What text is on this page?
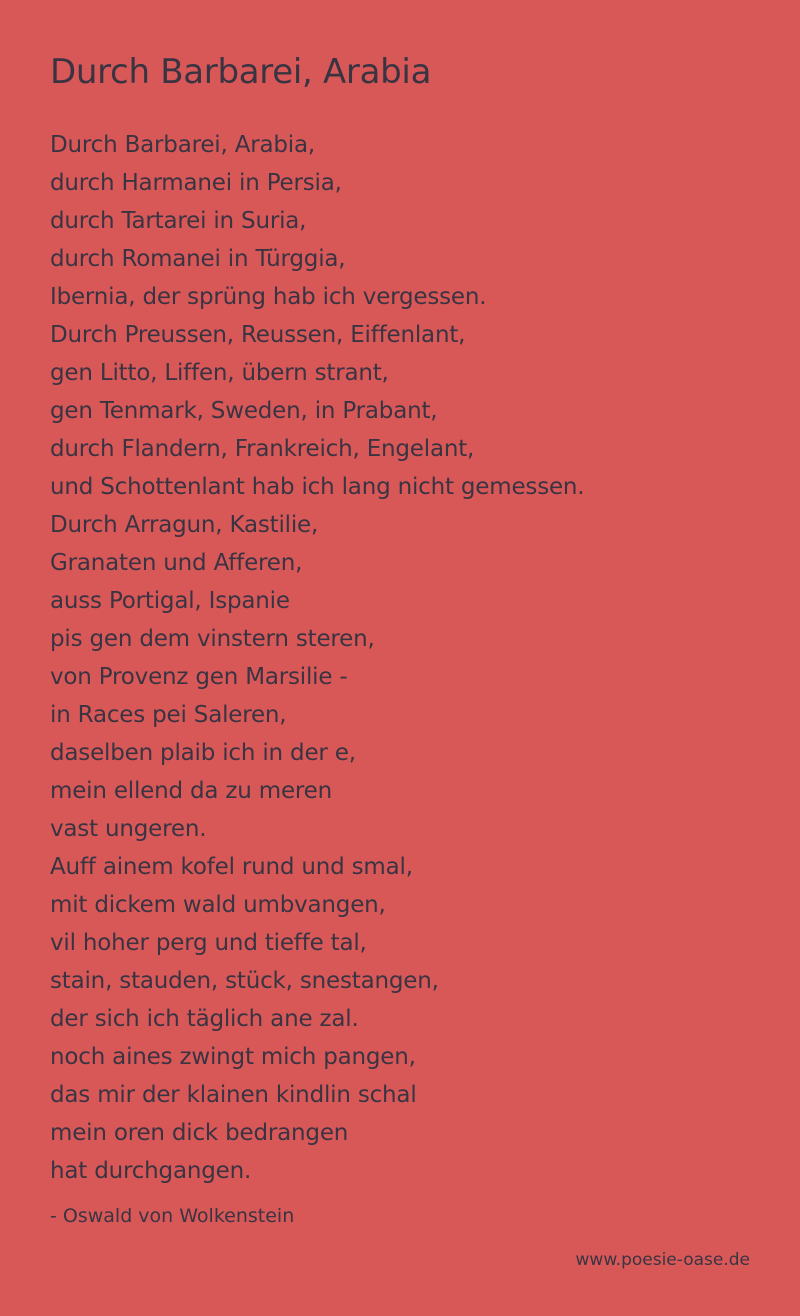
Durch Barbarei, Arabia
Durch Barbarei, Arabia,
durch Harmanei in Persia,
durch Tartarei in Suria,
durch Romanei in Türggia,
Ibernia, der sprüng hab ich vergessen.
Durch Preussen, Reussen, Eiffenlant,
gen Litto, Liffen, übern strant,
gen Tenmark, Sweden, in Prabant,
durch Flandern, Frankreich, Engelant,
und Schottenlant hab ich lang nicht gemessen.
Durch Arragun, Kastilie,
Granaten und Afferen,
auss Portigal, Ispanie
pis gen dem vinstern steren,
von Provenz gen Marsilie -
in Races pei Saleren,
daselben plaib ich in der e,
mein ellend da zu meren
vast ungeren.
Auff ainem kofel rund und smal,
mit dickem wald umbvangen,
vil hoher perg und tieffe tal,
stain, stauden, stück, snestangen,
der sich ich täglich ane zal.
noch aines zwingt mich pangen,
das mir der klainen kindlin schal
mein oren dick bedrangen
hat durchgangen.
- Oswald von Wolkenstein
www.poesie-oase.de
